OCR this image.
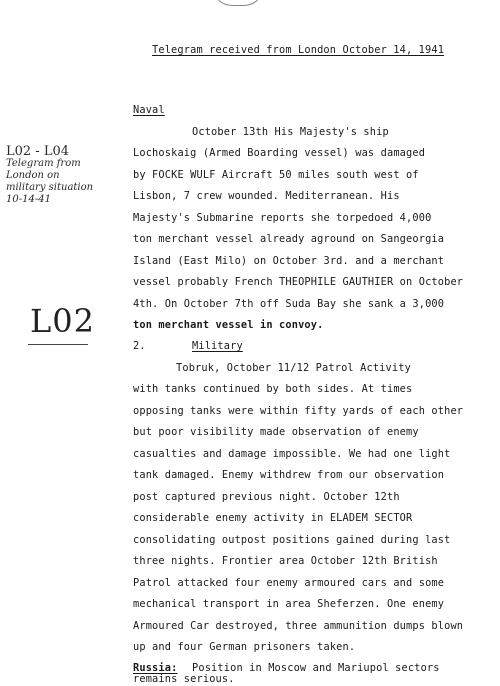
Telegram received from London October 14, 1941
Naval
October 13th His Majesty's ship
Lochoskaig (Armed Boarding vessel) was damaged
by FOCKE WULF Aircraft 50 miles south west of
Lisbon, 7 crew wounded. Mediterranean. His
Majesty's Submarine reports she torpedoed 4,000
ton merchant vessel already aground on Sangeorgia
Island (East Milo) on October 3rd. and a merchant
vessel probably French THEOPHILE GAUTHIER on October
4th. On October 7th off Suda Bay she sank a 3,000
ton merchant vessel in convoy.
2.	Military
Tobruk, October 11/12 Patrol Activity
with tanks continued by both sides. At times
opposing tanks were within fifty yards of each other
but poor visibility made observation of enemy
casualties and damage impossible. We had one light
tank damaged. Enemy withdrew from our observation
post captured previous night. October 12th
considerable enemy activity in ELADEM SECTOR
consolidating outpost positions gained during last
three nights. Frontier area October 12th British
Patrol attacked four enemy armoured cars and some
mechanical transport in area Sheferzen. One enemy
Armoured Car destroyed, three ammunition dumps blown
up and four German prisoners taken.
Russia: Position in Moscow and Mariupol sectors
remains serious.
L02 - L04
Telegram from
London on
military situation
10-14-41
L02
